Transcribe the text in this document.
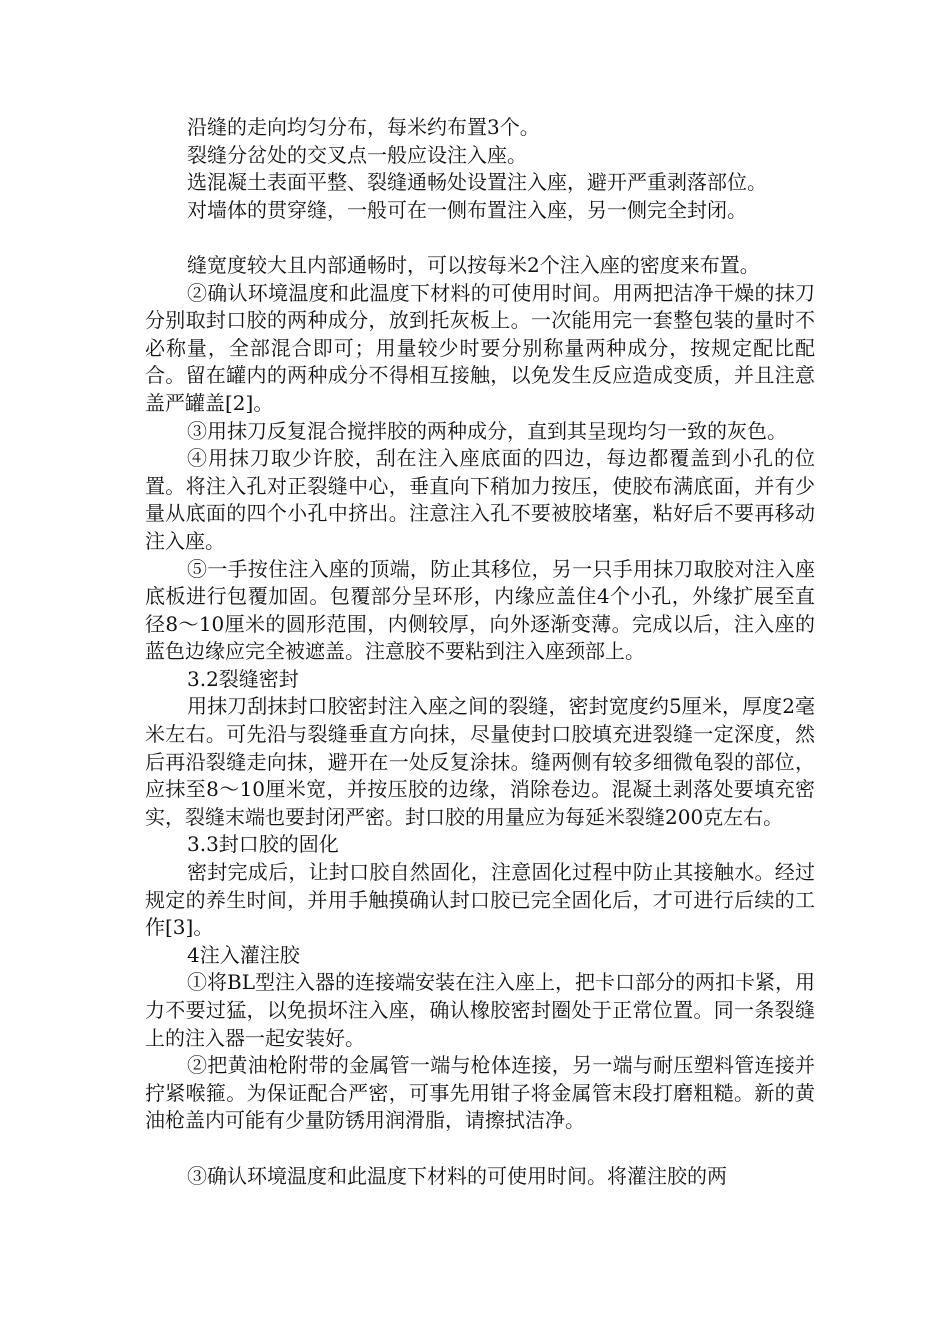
沿缝的走向均匀分布，每米约布置3个。

裂缝分岔处的交叉点一般应设注入座。

选混凝土表面平整、裂缝通畅处设置注入座，避开严重剥落部位。

对墙体的贯穿缝，一般可在一侧布置注入座，另一侧完全封闭。

缝宽度较大且内部通畅时，可以按每米2个注入座的密度来布置。

②确认环境温度和此温度下材料的可使用时间。用两把洁净干燥的抹刀分别取封口胶的两种成分，放到托灰板上。一次能用完一套整包装的量时不必称量，全部混合即可；用量较少时要分别称量两种成分，按规定配比配合。留在罐内的两种成分不得相互接触，以免发生反应造成变质，并且注意盖严罐盖[2]。

③用抹刀反复混合搅拌胶的两种成分，直到其呈现均匀一致的灰色。

④用抹刀取少许胶，刮在注入座底面的四边，每边都覆盖到小孔的位置。将注入孔对正裂缝中心，垂直向下稍加力按压，使胶布满底面，并有少量从底面的四个小孔中挤出。注意注入孔不要被胶堵塞，粘好后不要再移动注入座。

⑤一手按住注入座的顶端，防止其移位，另一只手用抹刀取胶对注入座底板进行包覆加固。包覆部分呈环形，内缘应盖住4个小孔，外缘扩展至直径8～10厘米的圆形范围，内侧较厚，向外逐渐变薄。完成以后，注入座的蓝色边缘应完全被遮盖。注意胶不要粘到注入座颈部上。

3.2裂缝密封

用抹刀刮抹封口胶密封注入座之间的裂缝，密封宽度约5厘米，厚度2毫米左右。可先沿与裂缝垂直方向抹，尽量使封口胶填充进裂缝一定深度，然后再沿裂缝走向抹，避开在一处反复涂抹。缝两侧有较多细微龟裂的部位，应抹至8～10厘米宽，并按压胶的边缘，消除卷边。混凝土剥落处要填充密实，裂缝末端也要封闭严密。封口胶的用量应为每延米裂缝200克左右。

3.3封口胶的固化

密封完成后，让封口胶自然固化，注意固化过程中防止其接触水。经过规定的养生时间，并用手触摸确认封口胶已完全固化后，才可进行后续的工作[3]。

4注入灌注胶

①将BL型注入器的连接端安装在注入座上，把卡口部分的两扣卡紧，用力不要过猛，以免损坏注入座，确认橡胶密封圈处于正常位置。同一条裂缝上的注入器一起安装好。

②把黄油枪附带的金属管一端与枪体连接，另一端与耐压塑料管连接并拧紧喉箍。为保证配合严密，可事先用钳子将金属管末段打磨粗糙。新的黄油枪盖内可能有少量防锈用润滑脂，请擦拭洁净。

③确认环境温度和此温度下材料的可使用时间。将灌注胶的两
